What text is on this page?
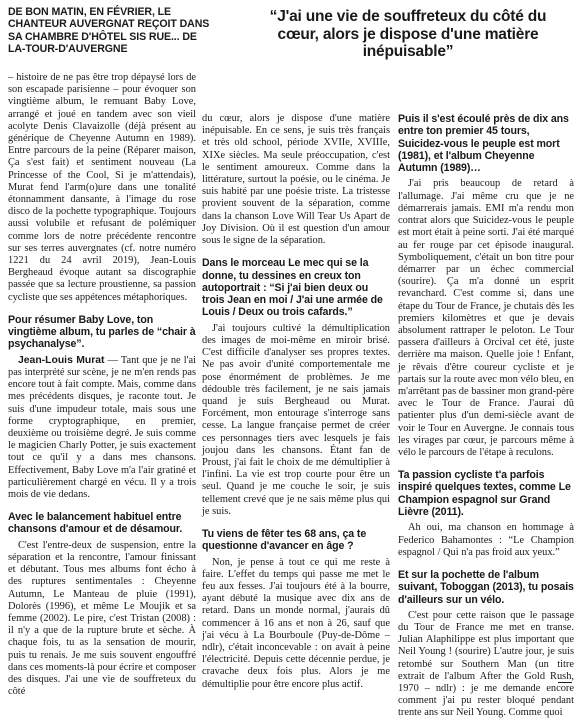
DE BON MATIN, EN FÉVRIER, LE CHANTEUR AUVERGNAT REÇOIT DANS SA CHAMBRE D'HÔTEL SIS RUE... DE LA-TOUR-D'AUVERGNE
“J'ai une vie de souffreteux du côté du cœur, alors je dispose d'une matière inépuisable”

– histoire de ne pas être trop dépaysé lors de son escapade parisienne – pour évoquer son vingtième album, le remuant Baby Love, arrangé et joué en tandem avec son vieil acolyte Denis Clavaizolle (déjà présent au générique de Cheyenne Autumn en 1989). Entre parcours de la peine (Réparer maison, Ça s'est fait) et sentiment nouveau (La Princesse of the Cool, Si je m'attendais), Murat fend l'arm(o)ure dans une tonalité étonnamment dansante, à l'image du rose disco de la pochette typographique. Toujours aussi volubile et refusant de polémiquer comme lors de notre précédente rencontre sur ses terres auvergnates (cf. notre numéro 1221 du 24 avril 2019), Jean-Louis Bergheaud évoque autant sa discographie passée que sa lecture proustienne, sa passion cycliste que ses appétences métaphoriques.

Pour résumer Baby Love, ton vingtième album, tu parles de “chair à psychanalyse”.

Jean-Louis Murat — Tant que je ne l'ai pas interprété sur scène, je ne m'en rends pas encore tout à fait compte. Mais, comme dans mes précédents disques, je raconte tout. Je suis d'une impudeur totale, mais sous une forme cryptographique, en premier, deuxième ou troisième degré. Je suis comme le magicien Charly Potter, je suis exactement tout ce qu'il y a dans mes chansons. Effectivement, Baby Love m'a l'air gratiné et particulièrement chargé en vécu. Il y a trois mois de vie dedans.

Avec le balancement habituel entre chansons d'amour et de désamour.

C'est l'entre-deux de suspension, entre la séparation et la rencontre, l'amour finissant et débutant. Tous mes albums font écho à des ruptures sentimentales : Cheyenne Autumn, Le Manteau de pluie (1991), Dolorès (1996), et même Le Moujik et sa femme (2002). Le pire, c'est Tristan (2008) : il n'y a que de la rupture brute et sèche. À chaque fois, tu as la sensation de mourir, puis tu renais. Je me suis souvent engouffré dans ces moments-là pour écrire et composer des disques. J'ai une vie de souffreteux du côté

du cœur, alors je dispose d'une matière inépuisable. En ce sens, je suis très français et très old school, période XVIIe, XVIIIe, XIXe siècles. Ma seule préoccupation, c'est le sentiment amoureux. Comme dans la littérature, surtout la poésie, ou le cinéma. Je suis habité par une poésie triste. La tristesse provient souvent de la séparation, comme dans la chanson Love Will Tear Us Apart de Joy Division. Où il est question d'un amour sous le signe de la séparation.

Dans le morceau Le mec qui se la donne, tu dessines en creux ton autoportrait : “Si j'ai bien deux ou trois Jean en moi / J'ai une armée de Louis / Deux ou trois cafards.”

J'ai toujours cultivé la démultiplication des images de moi-même en miroir brisé. C'est difficile d'analyser ses propres textes. Ne pas avoir d'unité comportementale me pose énormément de problèmes. Je me dédouble très facilement, je ne sais jamais quand je suis Bergheaud ou Murat. Forcément, mon entourage s'interroge sans cesse. La langue française permet de créer ces personnages tiers avec lesquels je fais joujou dans les chansons. Étant fan de Proust, j'ai fait le choix de me démultiplier à l'infini. La vie est trop courte pour être un seul. Quand je me couche le soir, je suis tellement crevé que je ne sais même plus qui je suis.

Tu viens de fêter tes 68 ans, ça te questionne d'avancer en âge ?

Non, je pense à tout ce qui me reste à faire. L'effet du temps qui passe me met le feu aux fesses. J'ai toujours été à la bourre, ayant débuté la musique avec dix ans de retard. Dans un monde normal, j'aurais dû commencer à 16 ans et non à 26, sauf que j'ai vécu à La Bourboule (Puy-de-Dôme – ndlr), c'était inconcevable : on avait à peine l'électricité. Depuis cette décennie perdue, je cravache deux fois plus. Alors je me démultiplie pour être encore plus actif.

Puis il s'est écoulé près de dix ans entre ton premier 45 tours, Suicidez-vous le peuple est mort (1981), et l'album Cheyenne Autumn (1989)…

J'ai pris beaucoup de retard à l'allumage. J'ai même cru que je ne démarrerais jamais. EMI m'a rendu mon contrat alors que Suicidez-vous le peuple est mort était à peine sorti. J'ai été marqué au fer rouge par cet épisode inaugural. Symboliquement, c'était un bon titre pour démarrer par un échec commercial (sourire). Ça m'a donné un esprit revanchard. C'est comme si, dans une étape du Tour de France, je chutais dès les premiers kilomètres et que je devais absolument rattraper le peloton. Le Tour passera d'ailleurs à Orcival cet été, juste derrière ma maison. Quelle joie ! Enfant, je rêvais d'être coureur cycliste et je partais sur la route avec mon vélo bleu, en m'arrêtant pas de bassiner mon grand-père avec le Tour de France. J'aurai dû patienter plus d'un demi-siècle avant de voir le Tour en Auvergne. Je connais tous les virages par cœur, je parcours même à vélo le parcours de l'étape à reculons.

Ta passion cycliste t'a parfois inspiré quelques textes, comme Le Champion espagnol sur Grand Lièvre (2011).

Ah oui, ma chanson en hommage à Federico Bahamontes : “Le Champion espagnol / Qui n'a pas froid aux yeux.”

Et sur la pochette de l'album suivant, Toboggan (2013), tu posais d'ailleurs sur un vélo.

C'est pour cette raison que le passage du Tour de France me met en transe. Julian Alaphilippe est plus important que Neil Young ! (sourire) L'autre jour, je suis retombé sur Southern Man (un titre extrait de l'album After the Gold Rush, 1970 – ndlr) : je me demande encore comment j'ai pu rester bloqué pendant trente ans sur Neil Young. Comme quoi
